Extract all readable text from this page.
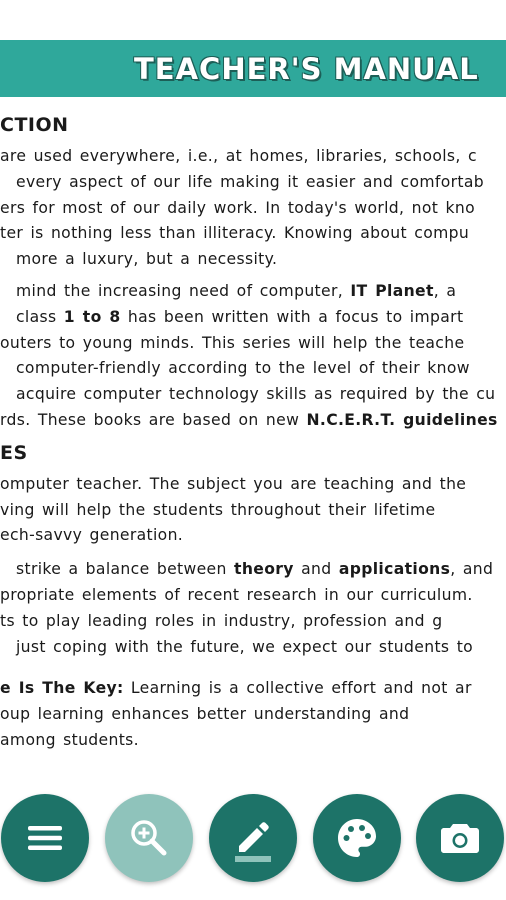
TEACHER'S MANUAL
CTION
are used everywhere, i.e., at homes, libraries, schools, c
every aspect of our life making it easier and comfortab
ers for most of our daily work. In today's world, not kno
ter is nothing less than illiteracy. Knowing about compu
more a luxury, but a necessity.
mind the increasing need of computer, IT Planet, a
class 1 to 8 has been written with a focus to impart
outers to young minds. This series will help the teache
computer-friendly according to the level of their know
acquire computer technology skills as required by the cu
rds. These books are based on new N.C.E.R.T. guidelines
ES
omputer teacher. The subject you are teaching and the
ving will help the students throughout their lifetime
ech-savvy generation.
strike a balance between theory and applications, and
propriate elements of recent research in our curriculum.
ts to play leading roles in industry, profession and g
just coping with the future, we expect our students to
e Is The Key: Learning is a collective effort and not ar
oup learning enhances better understanding and
among students.
